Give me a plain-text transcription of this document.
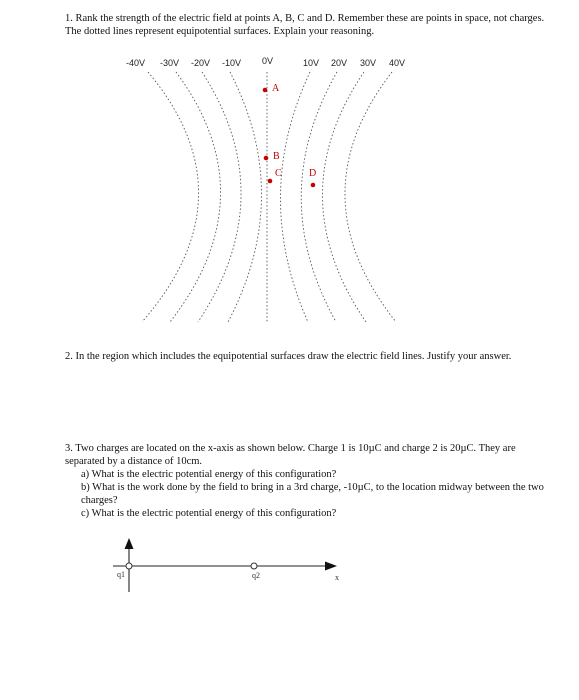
1. Rank the strength of the electric field at points A, B, C and D. Remember these are points in space, not charges. The dotted lines represent equipotential surfaces. Explain your reasoning.
-40V -30V -20V -10V 0V	10V 20V 30V 40V
A
B
C	D
2. In the region which includes the equipotential surfaces draw the electric field lines. Justify your answer.
3. Two charges are located on the x-axis as shown below. Charge 1 is 10µC and charge 2 is 20µC. They are separated by a distance of 10cm.
a) What is the electric potential energy of this configuration?
b) What is the work done by the field to bring in a 3rd charge, -10µC, to the location midway between the two charges?
c) What is the electric potential energy of this configuration?
q1	q2	x
